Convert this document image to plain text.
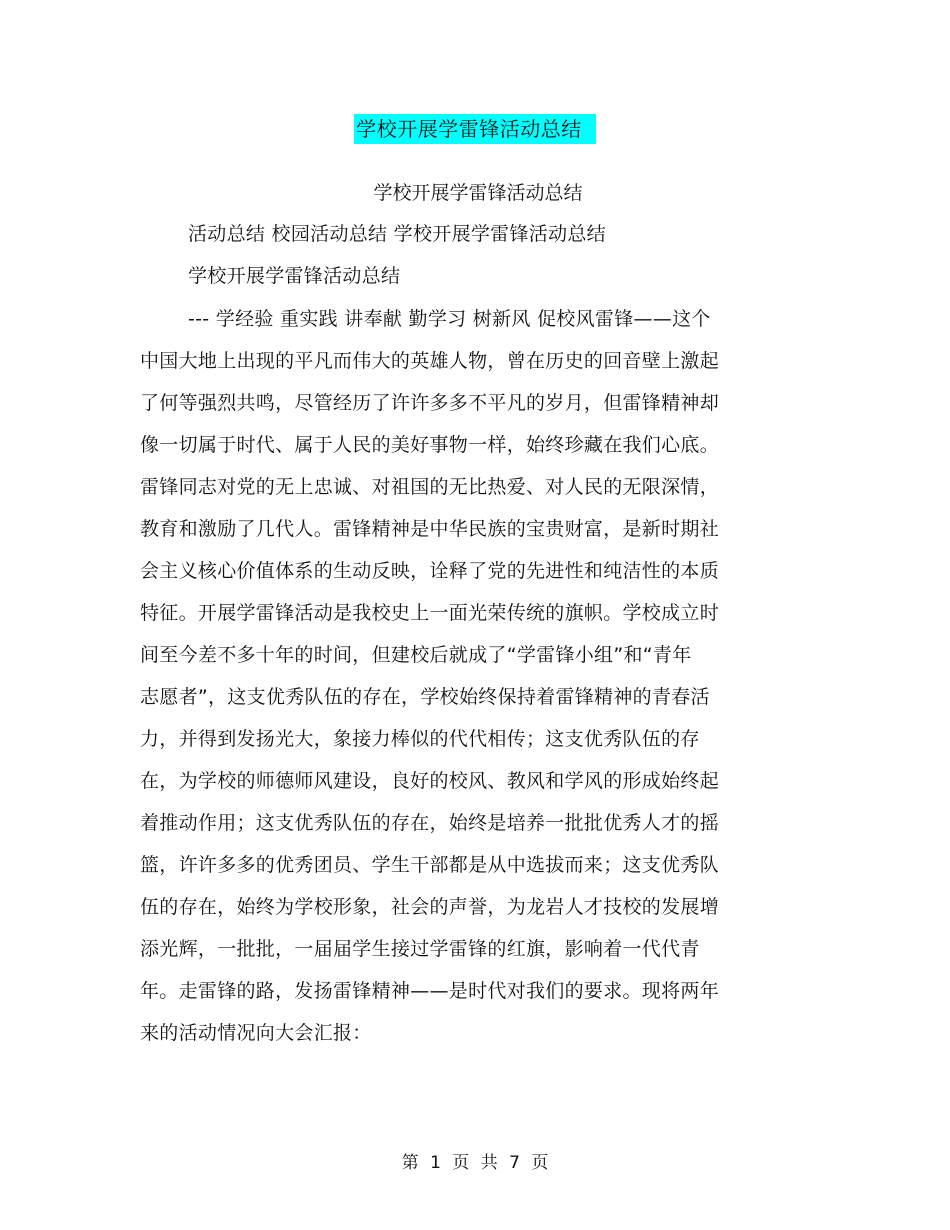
学校开展学雷锋活动总结
学校开展学雷锋活动总结
活动总结 校园活动总结 学校开展学雷锋活动总结
学校开展学雷锋活动总结
--- 学经验 重实践 讲奉献 勤学习 树新风 促校风雷锋——这个
中国大地上出现的平凡而伟大的英雄人物，曾在历史的回音壁上激起
了何等强烈共鸣，尽管经历了许许多多不平凡的岁月，但雷锋精神却
像一切属于时代、属于人民的美好事物一样，始终珍藏在我们心底。
雷锋同志对党的无上忠诚、对祖国的无比热爱、对人民的无限深情，
教育和激励了几代人。雷锋精神是中华民族的宝贵财富，是新时期社
会主义核心价值体系的生动反映，诠释了党的先进性和纯洁性的本质
特征。开展学雷锋活动是我校史上一面光荣传统的旗帜。学校成立时
间至今差不多十年的时间，但建校后就成了“学雷锋小组”和“青年
志愿者”，这支优秀队伍的存在，学校始终保持着雷锋精神的青春活
力，并得到发扬光大，象接力棒似的代代相传；这支优秀队伍的存
在，为学校的师德师风建设，良好的校风、教风和学风的形成始终起
着推动作用；这支优秀队伍的存在，始终是培养一批批优秀人才的摇
篮，许许多多的优秀团员、学生干部都是从中选拔而来；这支优秀队
伍的存在，始终为学校形象，社会的声誉，为龙岩人才技校的发展增
添光辉，一批批，一届届学生接过学雷锋的红旗，影响着一代代青
年。走雷锋的路，发扬雷锋精神——是时代对我们的要求。现将两年
来的活动情况向大会汇报：
第 1 页 共 7 页
